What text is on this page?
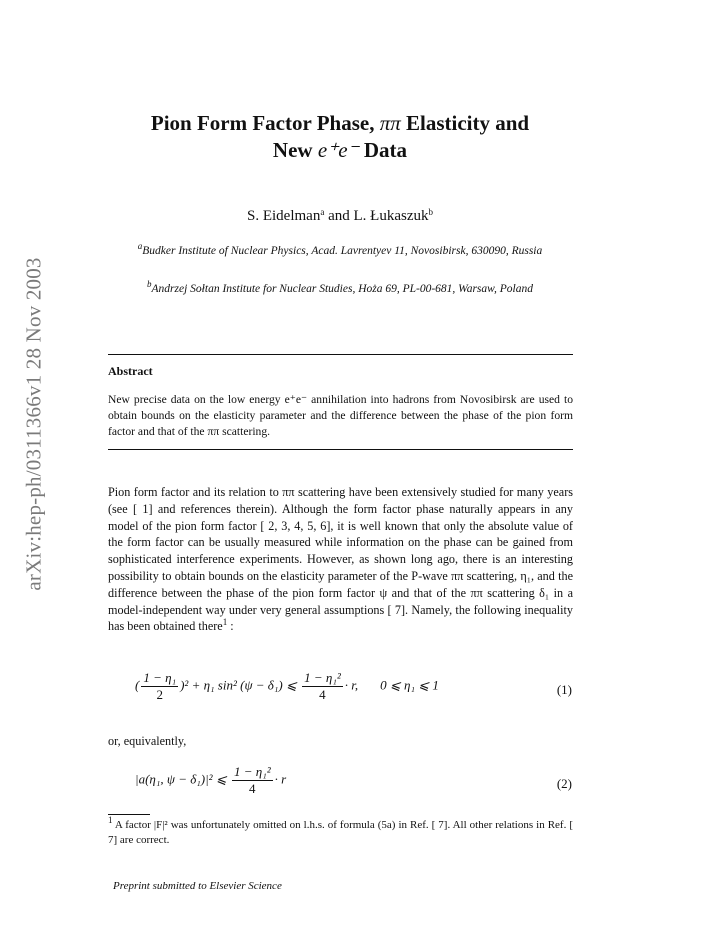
arXiv:hep-ph/0311366v1 28 Nov 2003
Pion Form Factor Phase, ππ Elasticity and
New e⁺e⁻ Data
S. Eidelman$^a$ and L. Łukaszuk$^b$
$^a$Budker Institute of Nuclear Physics, Acad. Lavrentyev 11, Novosibirsk, 630090, Russia
$^b$Andrzej Sołtan Institute for Nuclear Studies, Hoża 69, PL-00-681, Warsaw, Poland
Abstract
New precise data on the low energy e⁺e⁻ annihilation into hadrons from Novosibirsk are used to obtain bounds on the elasticity parameter and the difference between the phase of the pion form factor and that of the ππ scattering.
Pion form factor and its relation to ππ scattering have been extensively studied for many years (see [ 1] and references therein). Although the form factor phase naturally appears in any model of the pion form factor [ 2, 3, 4, 5, 6], it is well known that only the absolute value of the form factor can be usually measured while information on the phase can be gained from sophisticated interference experiments. However, as shown long ago, there is an interesting possibility to obtain bounds on the elasticity parameter of the P-wave ππ scattering, η₁, and the difference between the phase of the pion form factor ψ and that of the ππ scattering δ₁ in a model-independent way under very general assumptions [ 7]. Namely, the following inequality has been obtained there$^1$ :
( $\frac{\text{1 − η₁}}{2} )^2 + \eta_1$ sin² (ψ − δ₁) ⩽ $\frac{\text{1 − η₁²}}{4} \cdot r$, 0 ⩽ η₁ ⩽ 1	(1)
or, equivalently,
|a(η₁, ψ − δ₁)|² ⩽ $\frac{\text{1 − η₁²}}{4} \cdot r$	(2)
$^1$ A factor |F|² was unfortunately omitted on l.h.s. of formula (5a) in Ref. [ 7]. All other relations in Ref. [ 7] are correct.
Preprint submitted to Elsevier Science
